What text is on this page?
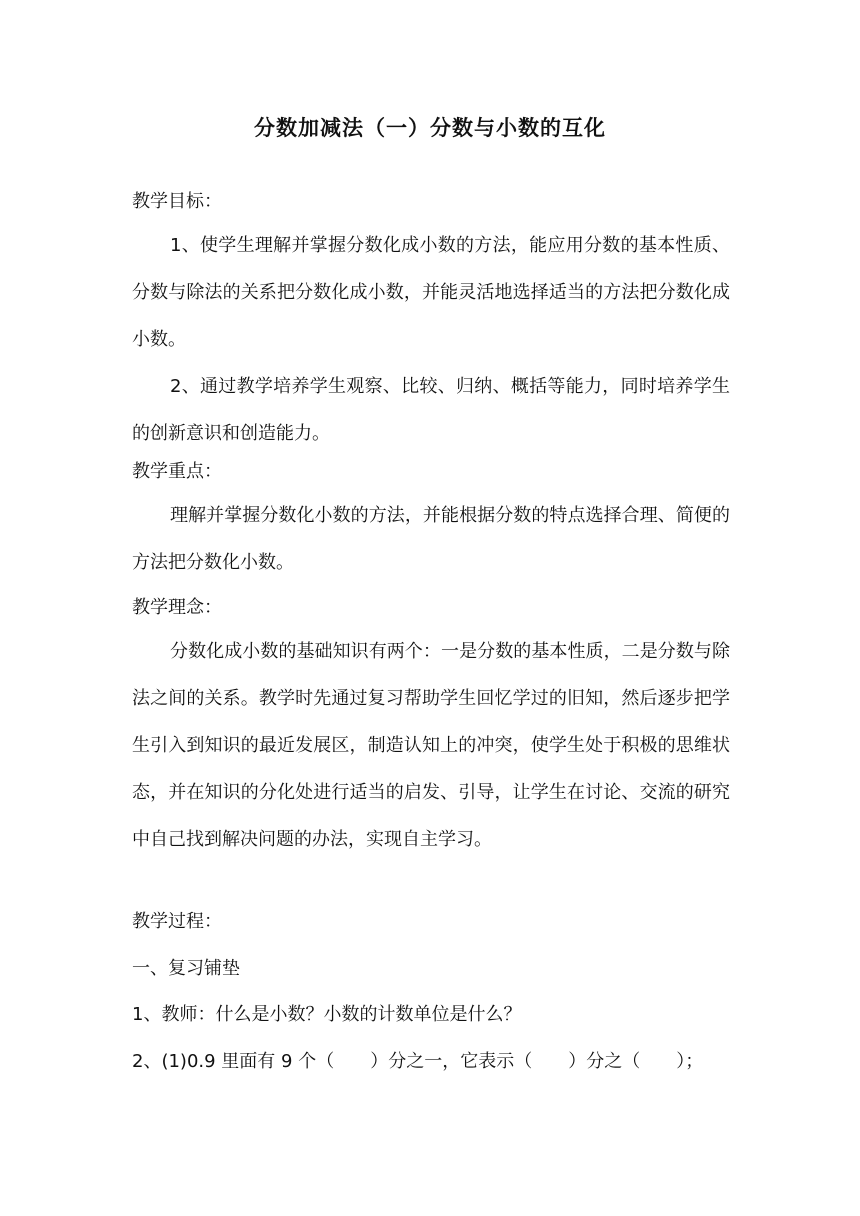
分数加减法（一）分数与小数的互化
教学目标：
1、使学生理解并掌握分数化成小数的方法，能应用分数的基本性质、分数与除法的关系把分数化成小数，并能灵活地选择适当的方法把分数化成小数。
2、通过教学培养学生观察、比较、归纳、概括等能力，同时培养学生的创新意识和创造能力。
教学重点：
理解并掌握分数化小数的方法，并能根据分数的特点选择合理、简便的方法把分数化小数。
教学理念：
分数化成小数的基础知识有两个：一是分数的基本性质，二是分数与除法之间的关系。教学时先通过复习帮助学生回忆学过的旧知，然后逐步把学生引入到知识的最近发展区，制造认知上的冲突，使学生处于积极的思维状态，并在知识的分化处进行适当的启发、引导，让学生在讨论、交流的研究中自己找到解决问题的办法，实现自主学习。
教学过程：
一、复习铺垫
1、教师：什么是小数？小数的计数单位是什么？
2、(1)0.9 里面有 9 个（　　）分之一，它表示（　　）分之（　　）；
